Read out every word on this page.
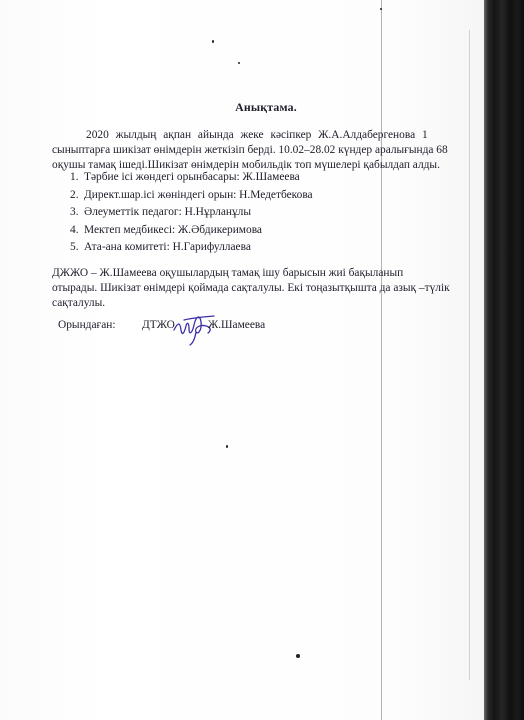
Анықтама.
2020 жылдың ақпан айында жеке кәсіпкер Ж.А.Алдабергенова 1
сыныптарға шикізат өнімдерін жеткізіп берді. 10.02–28.02 күндер аралығында 68
оқушы тамақ ішеді.Шикізат өнімдерін мобильдік топ мүшелері қабылдап алды.
1. Тәрбие ісі жөндегі орынбасары: Ж.Шамеева
2. Директ.шар.ісі жөніндегі орын: Н.Медетбекова
3. Әлеуметтік педагог: Н.Нұрланұлы
4. Мектеп медбикесі: Ж.Әбдикеримова
5. Ата-ана комитеті: Н.Гарифуллаева
ДЖЖО – Ж.Шамеева оқушылардың тамақ ішу барысын жиі бақыланып
отырады. Шикізат өнімдері қоймада сақталулы. Екі тоңазытқышта да азық –түлік
сақталулы.
Орындаған: ДТЖО	Ж.Шамеева
